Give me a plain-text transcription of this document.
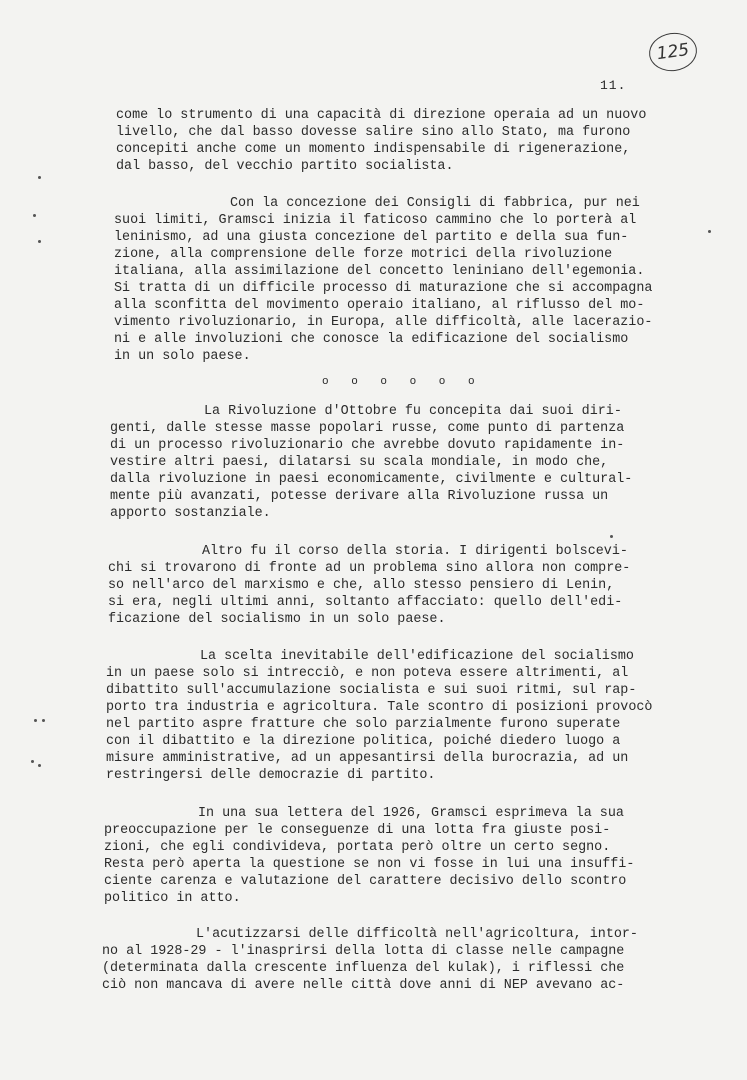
125
11.
come lo strumento di una capacità di direzione operaia ad un nuovo
livello, che dal basso dovesse salire sino allo Stato, ma furono
concepiti anche come un momento indispensabile di rigenerazione,
dal basso, del vecchio partito socialista.
Con la concezione dei Consigli di fabbrica, pur nei
suoi limiti, Gramsci inizia il faticoso cammino che lo porterà al
leninismo, ad una giusta concezione del partito e della sua fun-
zione, alla comprensione delle forze motrici della rivoluzione
italiana, alla assimilazione del concetto leniniano dell'egemonia.
Si tratta di un difficile processo di maturazione che si accompagna
alla sconfitta del movimento operaio italiano, al riflusso del mo-
vimento rivoluzionario, in Europa, alle difficoltà, alle lacerazio-
ni e alle involuzioni che conosce la edificazione del socialismo
in un solo paese.
o o o o o o
La Rivoluzione d'Ottobre fu concepita dai suoi diri-
genti, dalle stesse masse popolari russe, come punto di partenza
di un processo rivoluzionario che avrebbe dovuto rapidamente in-
vestire altri paesi, dilatarsi su scala mondiale, in modo che,
dalla rivoluzione in paesi economicamente, civilmente e cultural-
mente più avanzati, potesse derivare alla Rivoluzione russa un
apporto sostanziale.
Altro fu il corso della storia. I dirigenti bolscevi-
chi si trovarono di fronte ad un problema sino allora non compre-
so nell'arco del marxismo e che, allo stesso pensiero di Lenin,
si era, negli ultimi anni, soltanto affacciato: quello dell'edi-
ficazione del socialismo in un solo paese.
La scelta inevitabile dell'edificazione del socialismo
in un paese solo si intrecciò, e non poteva essere altrimenti, al
dibattito sull'accumulazione socialista e sui suoi ritmi, sul rap-
porto tra industria e agricoltura. Tale scontro di posizioni provocò
nel partito aspre fratture che solo parzialmente furono superate
con il dibattito e la direzione politica, poiché diedero luogo a
misure amministrative, ad un appesantirsi della burocrazia, ad un
restringersi delle democrazie di partito.
In una sua lettera del 1926, Gramsci esprimeva la sua
preoccupazione per le conseguenze di una lotta fra giuste posi-
zioni, che egli condivideva, portata però oltre un certo segno.
Resta però aperta la questione se non vi fosse in lui una insuffi-
ciente carenza e valutazione del carattere decisivo dello scontro
politico in atto.
L'acutizzarsi delle difficoltà nell'agricoltura, intor-
no al 1928-29 - l'inasprirsi della lotta di classe nelle campagne
(determinata dalla crescente influenza del kulak), i riflessi che
ciò non mancava di avere nelle città dove anni di NEP avevano ac-
